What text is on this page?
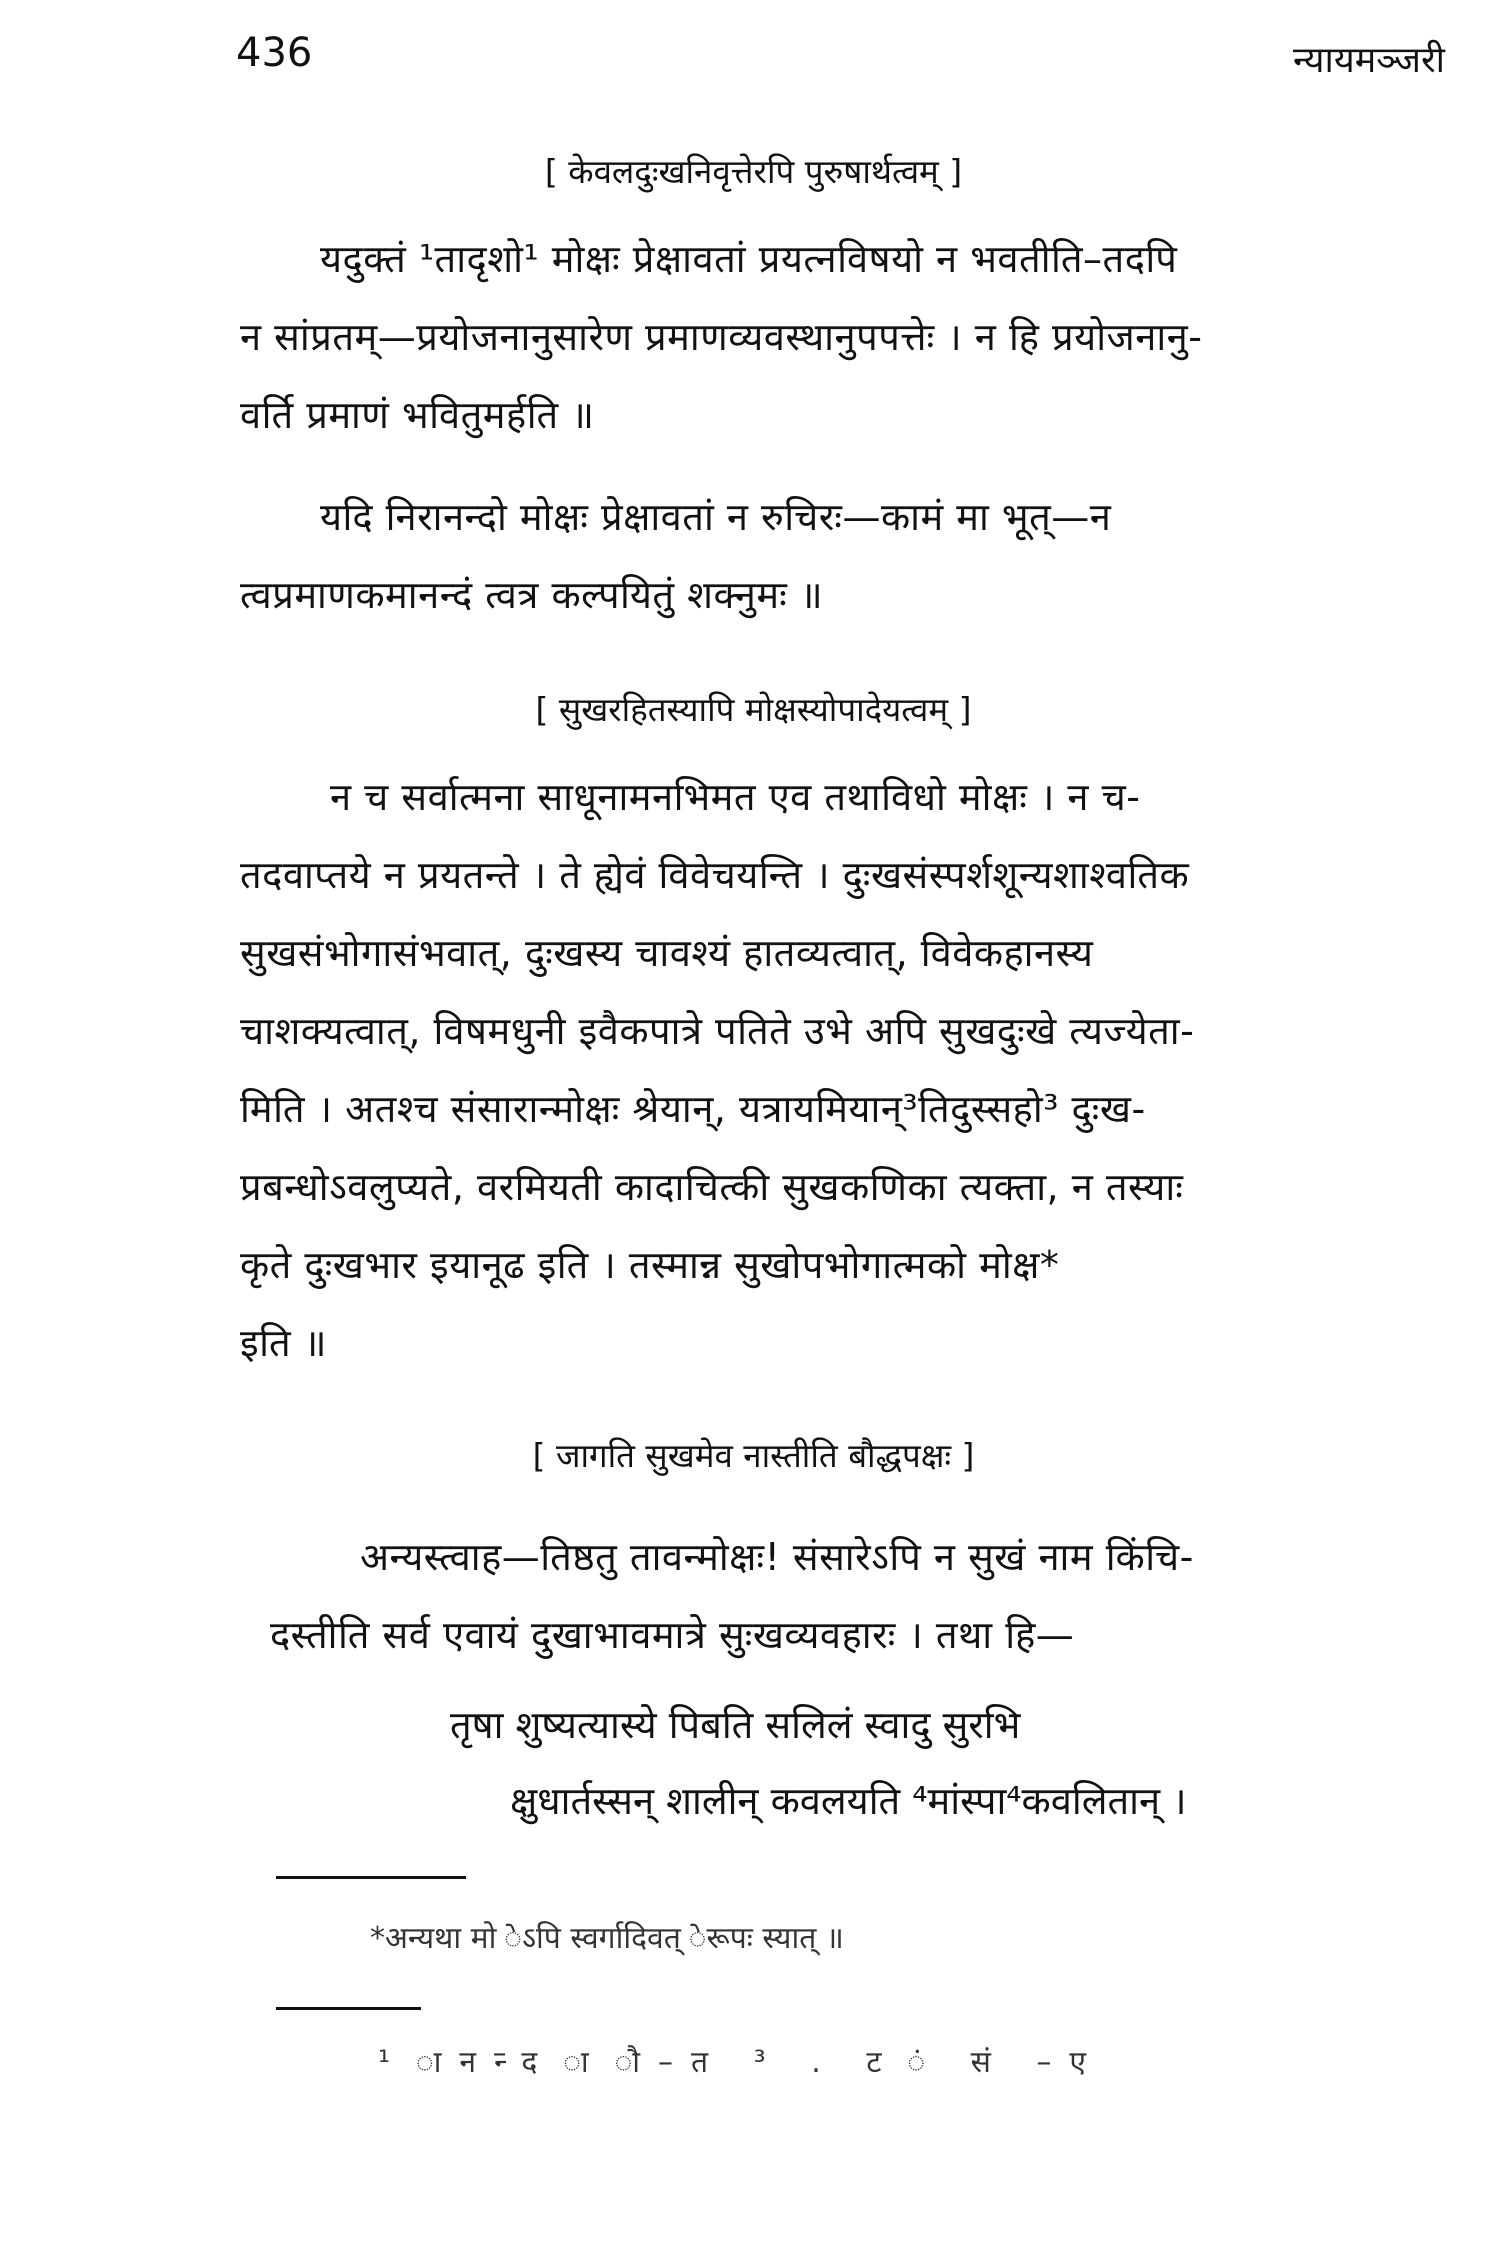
436	न्यायमञ्जरी
[ केवलदुःखनिवृत्तेरपि पुरुषार्थत्वम् ]
यदुक्तं ¹तादृशो¹ मोक्षः प्रेक्षावतां प्रयत्नविषयो न भवतीति–तदपि
न सांप्रतम्—प्रयोजनानुसारेण प्रमाणव्यवस्थानुपपत्तेः । न हि प्रयोजनानु-
वर्ति प्रमाणं भवितुमर्हति ॥
यदि निरानन्दो मोक्षः प्रेक्षावतां न रुचिरः—कामं मा भूत्—न
त्वप्रमाणकमानन्दं त्वत्र कल्पयितुं शक्नुमः ॥
[ सुखरहितस्यापि मोक्षस्योपादेयत्वम् ]
न च सर्वात्मना साधूनामनभिमत एव तथाविधो मोक्षः । न च-
तदवाप्तये न प्रयतन्ते । ते ह्येवं विवेचयन्ति । दुःखसंस्पर्शशून्यशाश्वतिक
सुखसंभोगासंभवात्, दुःखस्य चावश्यं हातव्यत्वात्, विवेकहानस्य
चाशक्यत्वात्, विषमधुनी इवैकपात्रे पतिते उभे अपि सुखदुःखे त्यज्येता-
मिति । अतश्च संसारान्मोक्षः श्रेयान्, यत्रायमियान्³तिदुस्सहो³ दुःख-
प्रबन्धोऽवलुप्यते, वरमियती कादाचित्की सुखकणिका त्यक्ता, न तस्याः
कृते दुःखभार इयानूढ इति । तस्मान्न सुखोपभोगात्मको मोक्ष*
इति ॥
[ जागति सुखमेव नास्तीति बौद्धपक्षः ]
अन्यस्त्वाह—तिष्ठतु तावन्मोक्षः! संसारेऽपि न सुखं नाम किंचि-
दस्तीति सर्व एवायं दुखाभावमात्रे सुःखव्यवहारः । तथा हि—
तृषा शुष्यत्यास्ये पिबति सलिलं स्वादु सुरभि
क्षुधार्तस्सन् शालीन् कवलयति ⁴मांस्पा⁴कवलितान् ।
*अन्यथा मो ेऽपि स्वर्गादिवत् ेरूपः स्यात् ॥
¹ ानन्द ा ौ–त ³ . ट ं सं –ए
